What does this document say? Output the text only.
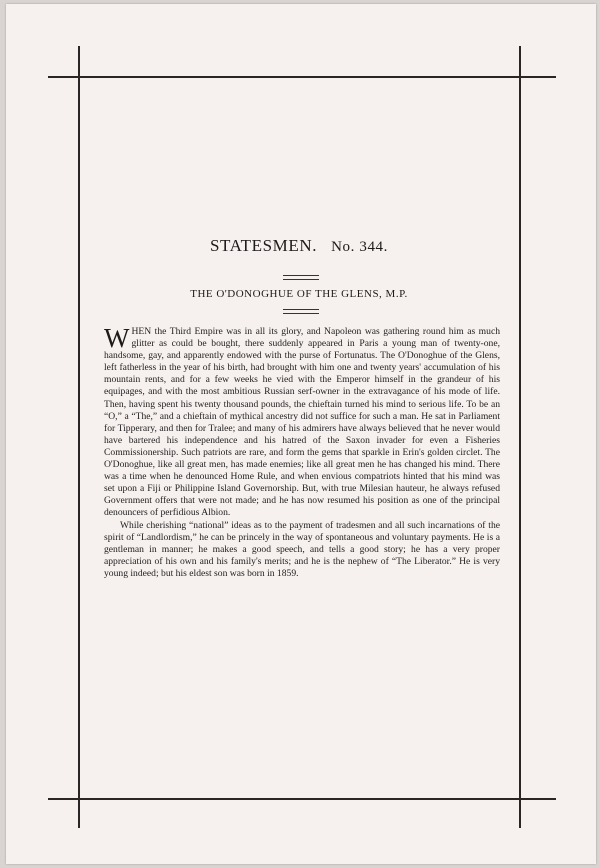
STATESMEN. No. 344.
THE O'DONOGHUE OF THE GLENS, M.P.

WHEN the Third Empire was in all its glory, and Napoleon was gathering round him as much glitter as could be bought, there suddenly appeared in Paris a young man of twenty-one, handsome, gay, and apparently endowed with the purse of Fortunatus. The O'Donoghue of the Glens, left fatherless in the year of his birth, had brought with him one and twenty years' accumulation of his mountain rents, and for a few weeks he vied with the Emperor himself in the grandeur of his equipages, and with the most ambitious Russian serf-owner in the extravagance of his mode of life. Then, having spent his twenty thousand pounds, the chieftain turned his mind to serious life. To be an “O,” a “The,” and a chieftain of mythical ancestry did not suffice for such a man. He sat in Parliament for Tipperary, and then for Tralee; and many of his admirers have always believed that he never would have bartered his independence and his hatred of the Saxon invader for even a Fisheries Commissionership. Such patriots are rare, and form the gems that sparkle in Erin's golden circlet. The O'Donoghue, like all great men, has made enemies; like all great men he has changed his mind. There was a time when he denounced Home Rule, and when envious compatriots hinted that his mind was set upon a Fiji or Philippine Island Governorship. But, with true Milesian hauteur, he always refused Government offers that were not made; and he has now resumed his position as one of the principal denouncers of perfidious Albion.

While cherishing “national” ideas as to the payment of tradesmen and all such incarnations of the spirit of “Landlordism,” he can be princely in the way of spontaneous and voluntary payments. He is a gentleman in manner; he makes a good speech, and tells a good story; he has a very proper appreciation of his own and his family's merits; and he is the nephew of “The Liberator.” He is very young indeed; but his eldest son was born in 1859.
